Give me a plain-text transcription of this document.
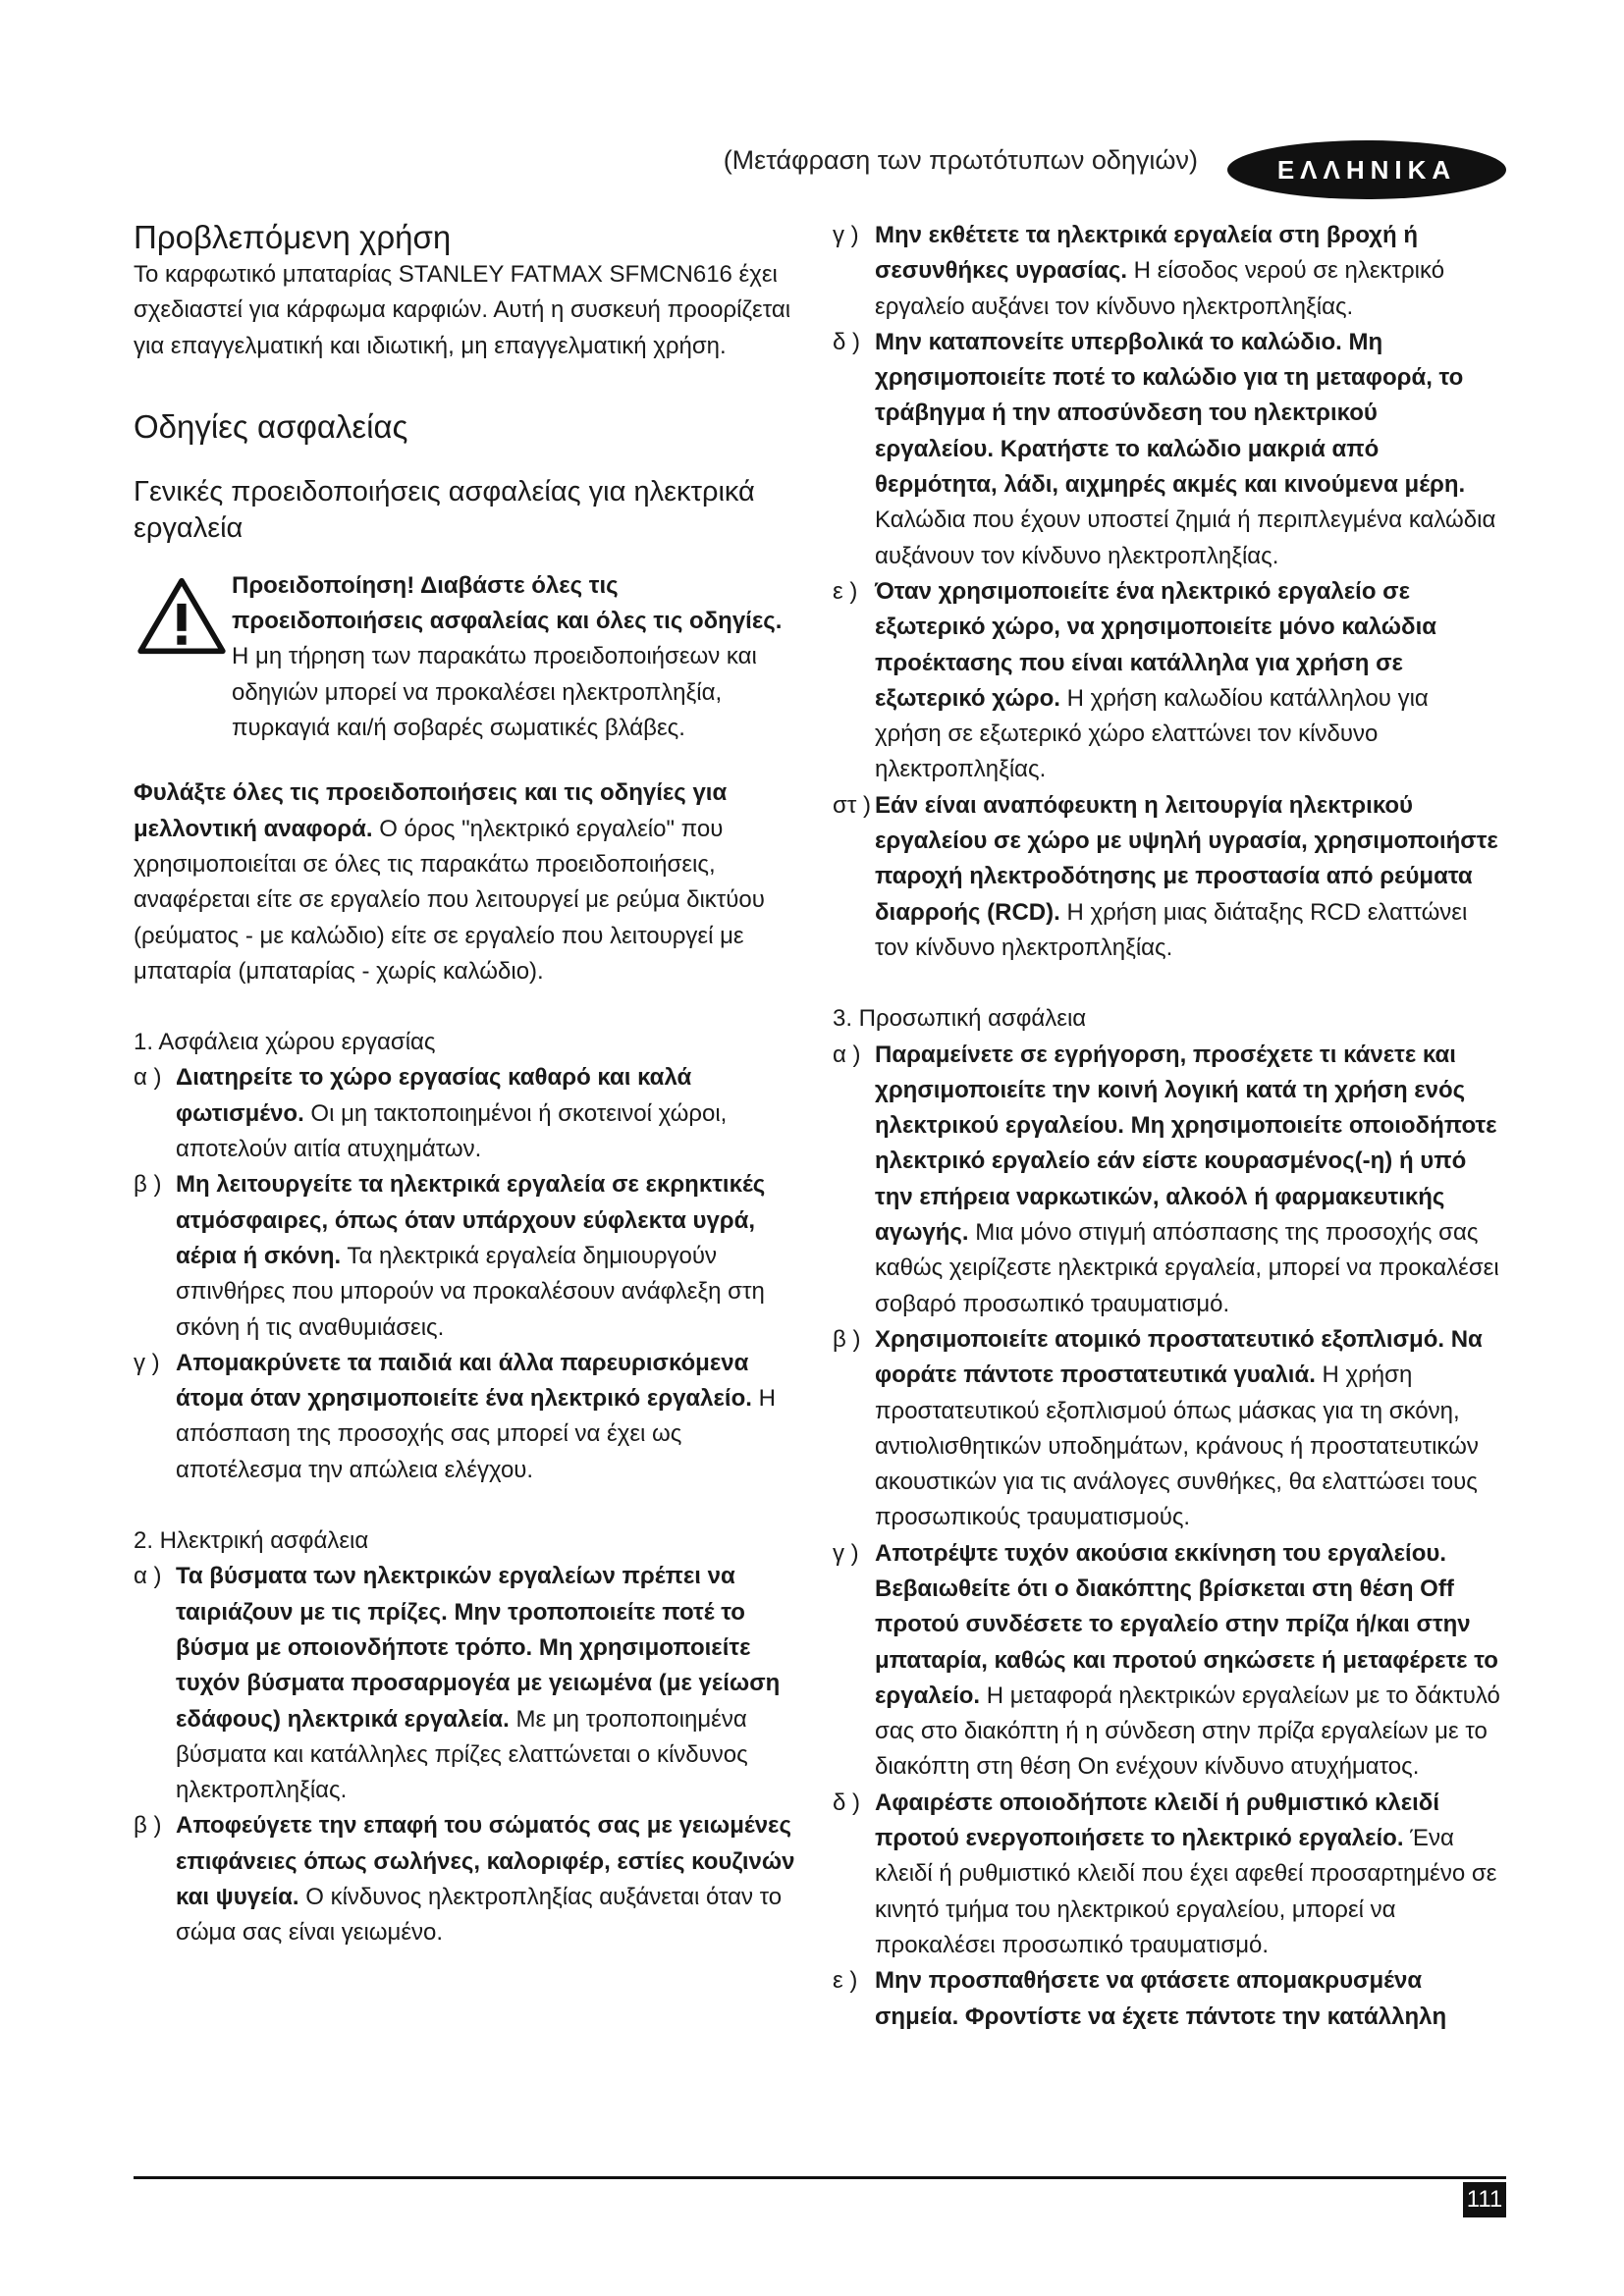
(Μετάφραση των πρωτότυπων οδηγιών)	ΕΛΛΗΝΙΚΑ
Προβλεπόμενη χρήση

Το καρφωτικό μπαταρίας STANLEY FATMAX SFMCN616 έχει σχεδιαστεί για κάρφωμα καρφιών. Αυτή η συσκευή προορίζεται για επαγγελματική και ιδιωτική, μη επαγγελματική χρήση.

Οδηγίες ασφαλείας
Γενικές προειδοποιήσεις ασφαλείας για ηλεκτρικά εργαλεία

Προειδοποίηση! Διαβάστε όλες τις προειδοποιήσεις ασφαλείας και όλες τις οδηγίες. Η μη τήρηση των παρακάτω προειδοποιήσεων και οδηγιών μπορεί να προκαλέσει ηλεκτροπληξία, πυρκαγιά και/ή σοβαρές σωματικές βλάβες.

Φυλάξτε όλες τις προειδοποιήσεις και τις οδηγίες για μελλοντική αναφορά. Ο όρος "ηλεκτρικό εργαλείο" που χρησιμοποιείται σε όλες τις παρακάτω προειδοποιήσεις, αναφέρεται είτε σε εργαλείο που λειτουργεί με ρεύμα δικτύου (ρεύματος - με καλώδιο) είτε σε εργαλείο που λειτουργεί με μπαταρία (μπαταρίας - χωρίς καλώδιο).

1. Ασφάλεια χώρου εργασίας

α ) Διατηρείτε το χώρο εργασίας καθαρό και καλά φωτισμένο. Οι μη τακτοποιημένοι ή σκοτεινοί χώροι, αποτελούν αιτία ατυχημάτων.
β ) Μη λειτουργείτε τα ηλεκτρικά εργαλεία σε εκρηκτικές ατμόσφαιρες, όπως όταν υπάρχουν εύφλεκτα υγρά, αέρια ή σκόνη. Τα ηλεκτρικά εργαλεία δημιουργούν σπινθήρες που μπορούν να προκαλέσουν ανάφλεξη στη σκόνη ή τις αναθυμιάσεις.
γ ) Απομακρύνετε τα παιδιά και άλλα παρευρισκόμενα άτομα όταν χρησιμοποιείτε ένα ηλεκτρικό εργαλείο. Η απόσπαση της προσοχής σας μπορεί να έχει ως αποτέλεσμα την απώλεια ελέγχου.

2. Ηλεκτρική ασφάλεια

α ) Τα βύσματα των ηλεκτρικών εργαλείων πρέπει να ταιριάζουν με τις πρίζες. Μην τροποποιείτε ποτέ το βύσμα με οποιονδήποτε τρόπο. Μη χρησιμοποιείτε τυχόν βύσματα προσαρμογέα με γειωμένα (με γείωση εδάφους) ηλεκτρικά εργαλεία. Με μη τροποποιημένα βύσματα και κατάλληλες πρίζες ελαττώνεται ο κίνδυνος ηλεκτροπληξίας.
β ) Αποφεύγετε την επαφή του σώματός σας με γειωμένες επιφάνειες όπως σωλήνες, καλοριφέρ, εστίες κουζινών και ψυγεία. Ο κίνδυνος ηλεκτροπληξίας αυξάνεται όταν το σώμα σας είναι γειωμένο.
γ ) Μην εκθέτετε τα ηλεκτρικά εργαλεία στη βροχή ή σεσυνθήκες υγρασίας. Η είσοδος νερού σε ηλεκτρικό εργαλείο αυξάνει τον κίνδυνο ηλεκτροπληξίας.
δ ) Μην καταπονείτε υπερβολικά το καλώδιο. Μη χρησιμοποιείτε ποτέ το καλώδιο για τη μεταφορά, το τράβηγμα ή την αποσύνδεση του ηλεκτρικού εργαλείου. Κρατήστε το καλώδιο μακριά από θερμότητα, λάδι, αιχμηρές ακμές και κινούμενα μέρη. Καλώδια που έχουν υποστεί ζημιά ή περιπλεγμένα καλώδια αυξάνουν τον κίνδυνο ηλεκτροπληξίας.
ε ) Όταν χρησιμοποιείτε ένα ηλεκτρικό εργαλείο σε εξωτερικό χώρο, να χρησιμοποιείτε μόνο καλώδια προέκτασης που είναι κατάλληλα για χρήση σε εξωτερικό χώρο. Η χρήση καλωδίου κατάλληλου για χρήση σε εξωτερικό χώρο ελαττώνει τον κίνδυνο ηλεκτροπληξίας.
στ ) Εάν είναι αναπόφευκτη η λειτουργία ηλεκτρικού εργαλείου σε χώρο με υψηλή υγρασία, χρησιμοποιήστε παροχή ηλεκτροδότησης με προστασία από ρεύματα διαρροής (RCD). Η χρήση μιας διάταξης RCD ελαττώνει τον κίνδυνο ηλεκτροπληξίας.

3. Προσωπική ασφάλεια

α ) Παραμείνετε σε εγρήγορση, προσέχετε τι κάνετε και χρησιμοποιείτε την κοινή λογική κατά τη χρήση ενός ηλεκτρικού εργαλείου. Μη χρησιμοποιείτε οποιοδήποτε ηλεκτρικό εργαλείο εάν είστε κουρασμένος(-η) ή υπό την επήρεια ναρκωτικών, αλκοόλ ή φαρμακευτικής αγωγής. Μια μόνο στιγμή απόσπασης της προσοχής σας καθώς χειρίζεστε ηλεκτρικά εργαλεία, μπορεί να προκαλέσει σοβαρό προσωπικό τραυματισμό.
β ) Χρησιμοποιείτε ατομικό προστατευτικό εξοπλισμό. Να φοράτε πάντοτε προστατευτικά γυαλιά. Η χρήση προστατευτικού εξοπλισμού όπως μάσκας για τη σκόνη, αντιολισθητικών υποδημάτων, κράνους ή προστατευτικών ακουστικών για τις ανάλογες συνθήκες, θα ελαττώσει τους προσωπικούς τραυματισμούς.
γ ) Αποτρέψτε τυχόν ακούσια εκκίνηση του εργαλείου. Βεβαιωθείτε ότι ο διακόπτης βρίσκεται στη θέση Off προτού συνδέσετε το εργαλείο στην πρίζα ή/και στην μπαταρία, καθώς και προτού σηκώσετε ή μεταφέρετε το εργαλείο. Η μεταφορά ηλεκτρικών εργαλείων με το δάκτυλό σας στο διακόπτη ή η σύνδεση στην πρίζα εργαλείων με το διακόπτη στη θέση On ενέχουν κίνδυνο ατυχήματος.
δ ) Αφαιρέστε οποιοδήποτε κλειδί ή ρυθμιστικό κλειδί προτού ενεργοποιήσετε το ηλεκτρικό εργαλείο. Ένα κλειδί ή ρυθμιστικό κλειδί που έχει αφεθεί προσαρτημένο σε κινητό τμήμα του ηλεκτρικού εργαλείου, μπορεί να προκαλέσει προσωπικό τραυματισμό.
ε ) Μην προσπαθήσετε να φτάσετε απομακρυσμένα σημεία. Φροντίστε να έχετε πάντοτε την κατάλληλη
111
